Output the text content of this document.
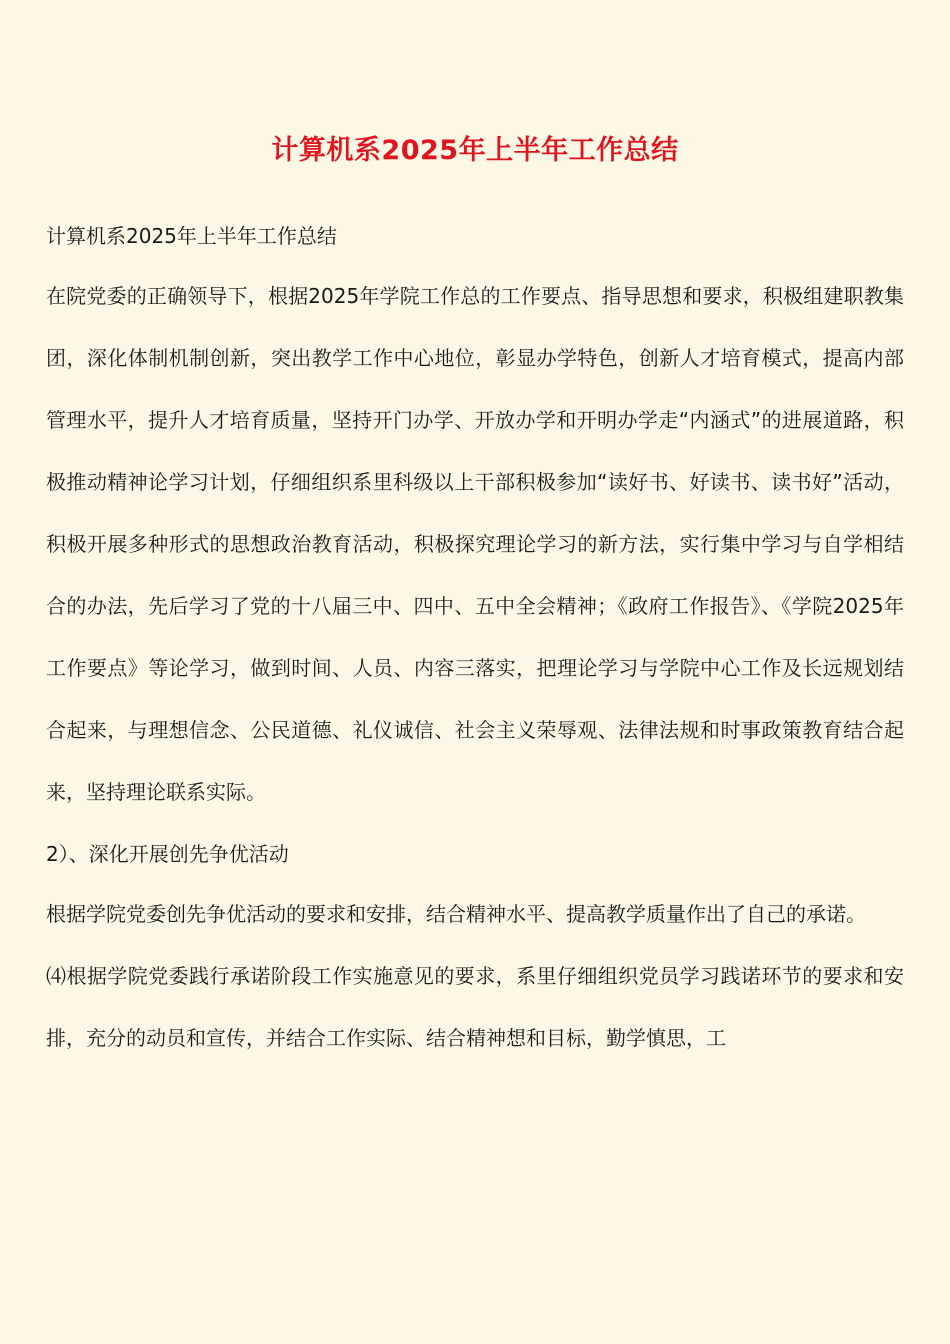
计算机系2025年上半年工作总结

计算机系2025年上半年工作总结

在院党委的正确领导下，根据2025年学院工作总的工作要点、指导思想和要求，积极组建职教集团，深化体制机制创新，突出教学工作中心地位，彰显办学特色，创新人才培育模式，提高内部管理水平，提升人才培育质量，坚持开门办学、开放办学和开明办学走“内涵式”的进展道路，积极推动精神论学习计划，仔细组织系里科级以上干部积极参加“读好书、好读书、读书好”活动，积极开展多种形式的思想政治教育活动，积极探究理论学习的新方法，实行集中学习与自学相结合的办法，先后学习了党的十八届三中、四中、五中全会精神；《政府工作报告》、《学院2025年工作要点》等论学习，做到时间、人员、内容三落实，把理论学习与学院中心工作及长远规划结合起来，与理想信念、公民道德、礼仪诚信、社会主义荣辱观、法律法规和时事政策教育结合起来，坚持理论联系实际。

2）、深化开展创先争优活动

根据学院党委创先争优活动的要求和安排，结合精神水平、提高教学质量作出了自己的承诺。

⑷根据学院党委践行承诺阶段工作实施意见的要求，系里仔细组织党员学习践诺环节的要求和安排，充分的动员和宣传，并结合工作实际、结合精神想和目标，勤学慎思，工
